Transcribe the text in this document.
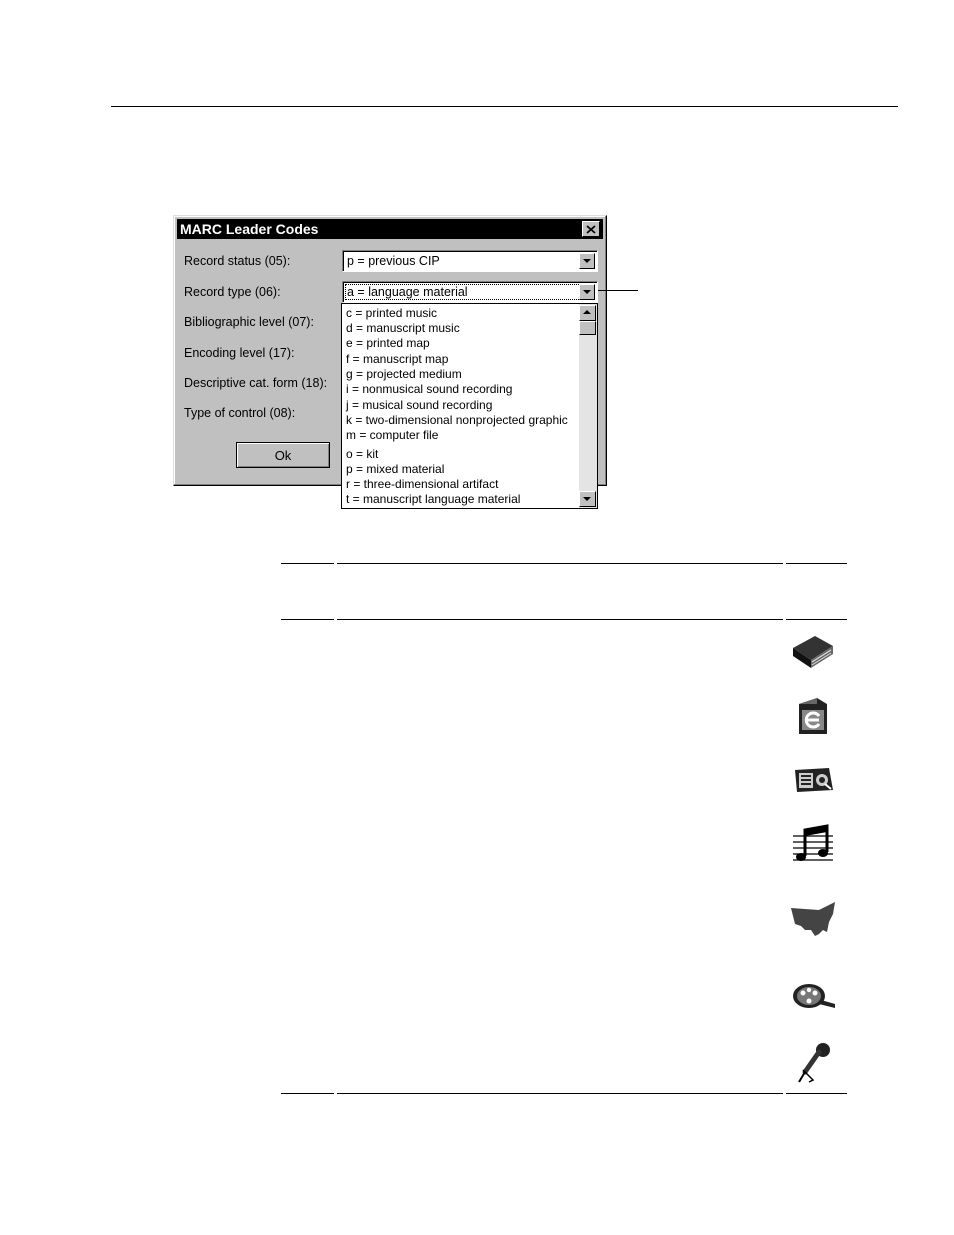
MARC Leader Codes
Record status (05):	p = previous CIP
Record type (06):	a = language material
Bibliographic level (07):
Encoding level (17):
Descriptive cat. form (18):
Type of control (08):
Ok
c = printed music
d = manuscript music
e = printed map
f = manuscript map
g = projected medium
i = nonmusical sound recording
j = musical sound recording
k = two-dimensional nonprojected graphic
m = computer file
o = kit
p = mixed material
r = three-dimensional artifact
t = manuscript language material
